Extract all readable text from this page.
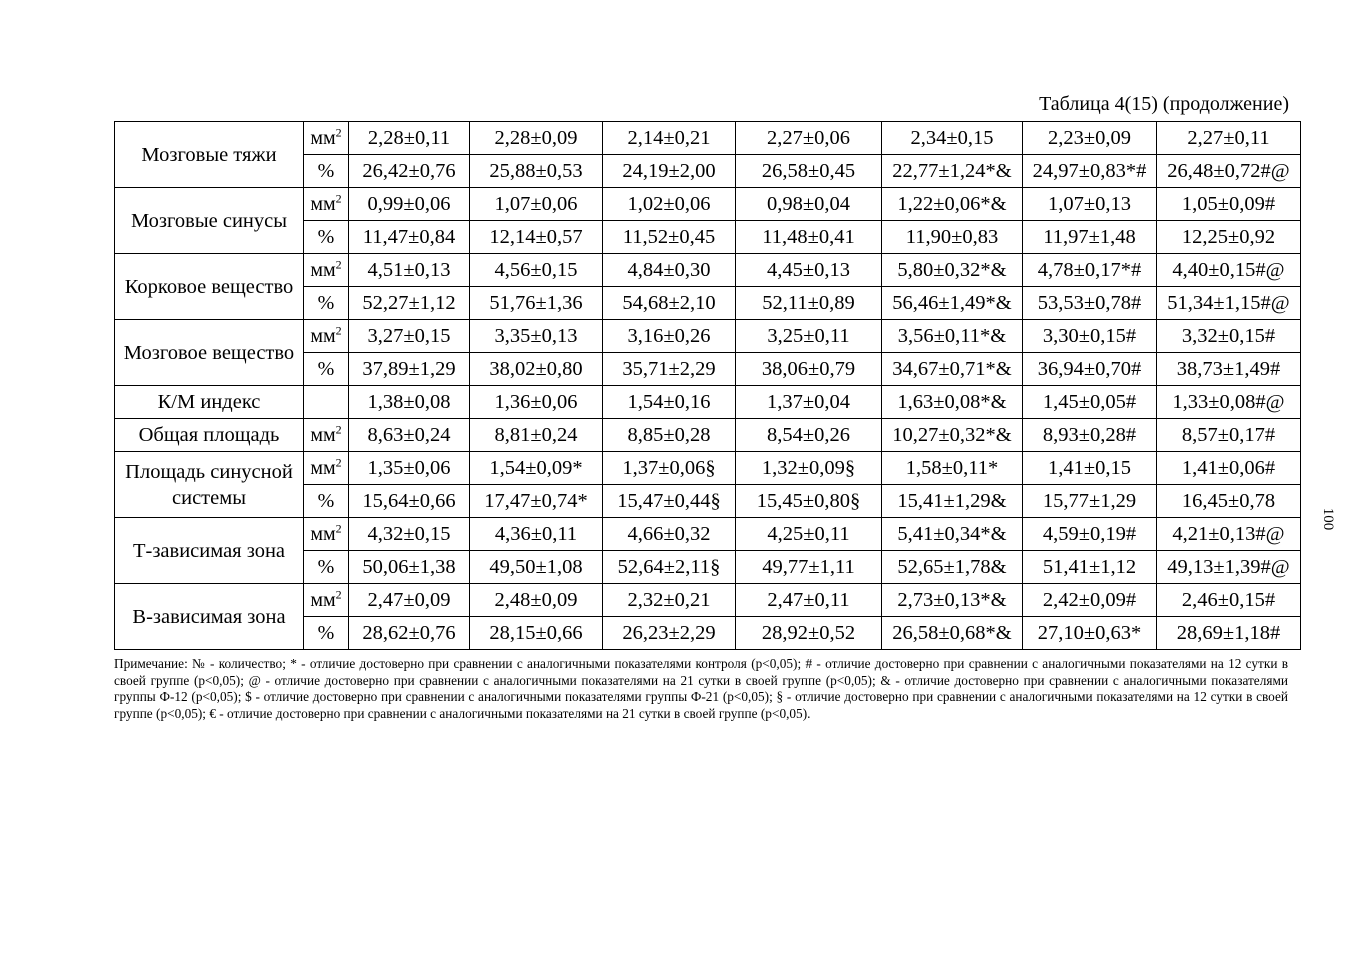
Таблица 4(15) (продолжение)
Мозговые тяжи	$мм^2$	2,28±0,11	2,28±0,09	2,14±0,21	2,27±0,06	2,34±0,15	2,23±0,09	2,27±0,11
	%	26,42±0,76	25,88±0,53	24,19±2,00	26,58±0,45	22,77±1,24*&	24,97±0,83*#	26,48±0,72#@
Мозговые синусы	$мм^2$	0,99±0,06	1,07±0,06	1,02±0,06	0,98±0,04	1,22±0,06*&	1,07±0,13	1,05±0,09#
	%	11,47±0,84	12,14±0,57	11,52±0,45	11,48±0,41	11,90±0,83	11,97±1,48	12,25±0,92
Корковое вещество	$мм^2$	4,51±0,13	4,56±0,15	4,84±0,30	4,45±0,13	5,80±0,32*&	4,78±0,17*#	4,40±0,15#@
	%	52,27±1,12	51,76±1,36	54,68±2,10	52,11±0,89	56,46±1,49*&	53,53±0,78#	51,34±1,15#@
Мозговое вещество	$мм^2$	3,27±0,15	3,35±0,13	3,16±0,26	3,25±0,11	3,56±0,11*&	3,30±0,15#	3,32±0,15#
	%	37,89±1,29	38,02±0,80	35,71±2,29	38,06±0,79	34,67±0,71*&	36,94±0,70#	38,73±1,49#
К/М индекс		1,38±0,08	1,36±0,06	1,54±0,16	1,37±0,04	1,63±0,08*&	1,45±0,05#	1,33±0,08#@
Общая площадь	$мм^2$	8,63±0,24	8,81±0,24	8,85±0,28	8,54±0,26	10,27±0,32*&	8,93±0,28#	8,57±0,17#
Площадь синусной системы	$мм^2$	1,35±0,06	1,54±0,09*	1,37±0,06§	1,32±0,09§	1,58±0,11*	1,41±0,15	1,41±0,06#
	%	15,64±0,66	17,47±0,74*	15,47±0,44§	15,45±0,80§	15,41±1,29&	15,77±1,29	16,45±0,78
Т-зависимая зона	$мм^2$	4,32±0,15	4,36±0,11	4,66±0,32	4,25±0,11	5,41±0,34*&	4,59±0,19#	4,21±0,13#@
	%	50,06±1,38	49,50±1,08	52,64±2,11§	49,77±1,11	52,65±1,78&	51,41±1,12	49,13±1,39#@
В-зависимая зона	$мм^2$	2,47±0,09	2,48±0,09	2,32±0,21	2,47±0,11	2,73±0,13*&	2,42±0,09#	2,46±0,15#
	%	28,62±0,76	28,15±0,66	26,23±2,29	28,92±0,52	26,58±0,68*&	27,10±0,63*	28,69±1,18#
Примечание: № - количество; * - отличие достоверно при сравнении с аналогичными показателями контроля (p<0,05); # - отличие достоверно при сравнении с аналогичными показателями на 12 сутки в своей группе (p<0,05); @ - отличие достоверно при сравнении с аналогичными показателями на 21 сутки в своей группе (p<0,05); & - отличие достоверно при сравнении с аналогичными показателями группы Ф-12 (p<0,05); $ - отличие достоверно при сравнении с аналогичными показателями группы Ф-21 (p<0,05); § - отличие достоверно при сравнении с аналогичными показателями на 12 сутки в своей группе (p<0,05); € - отличие достоверно при сравнении с аналогичными показателями на 21 сутки в своей группе (p<0,05).
100
